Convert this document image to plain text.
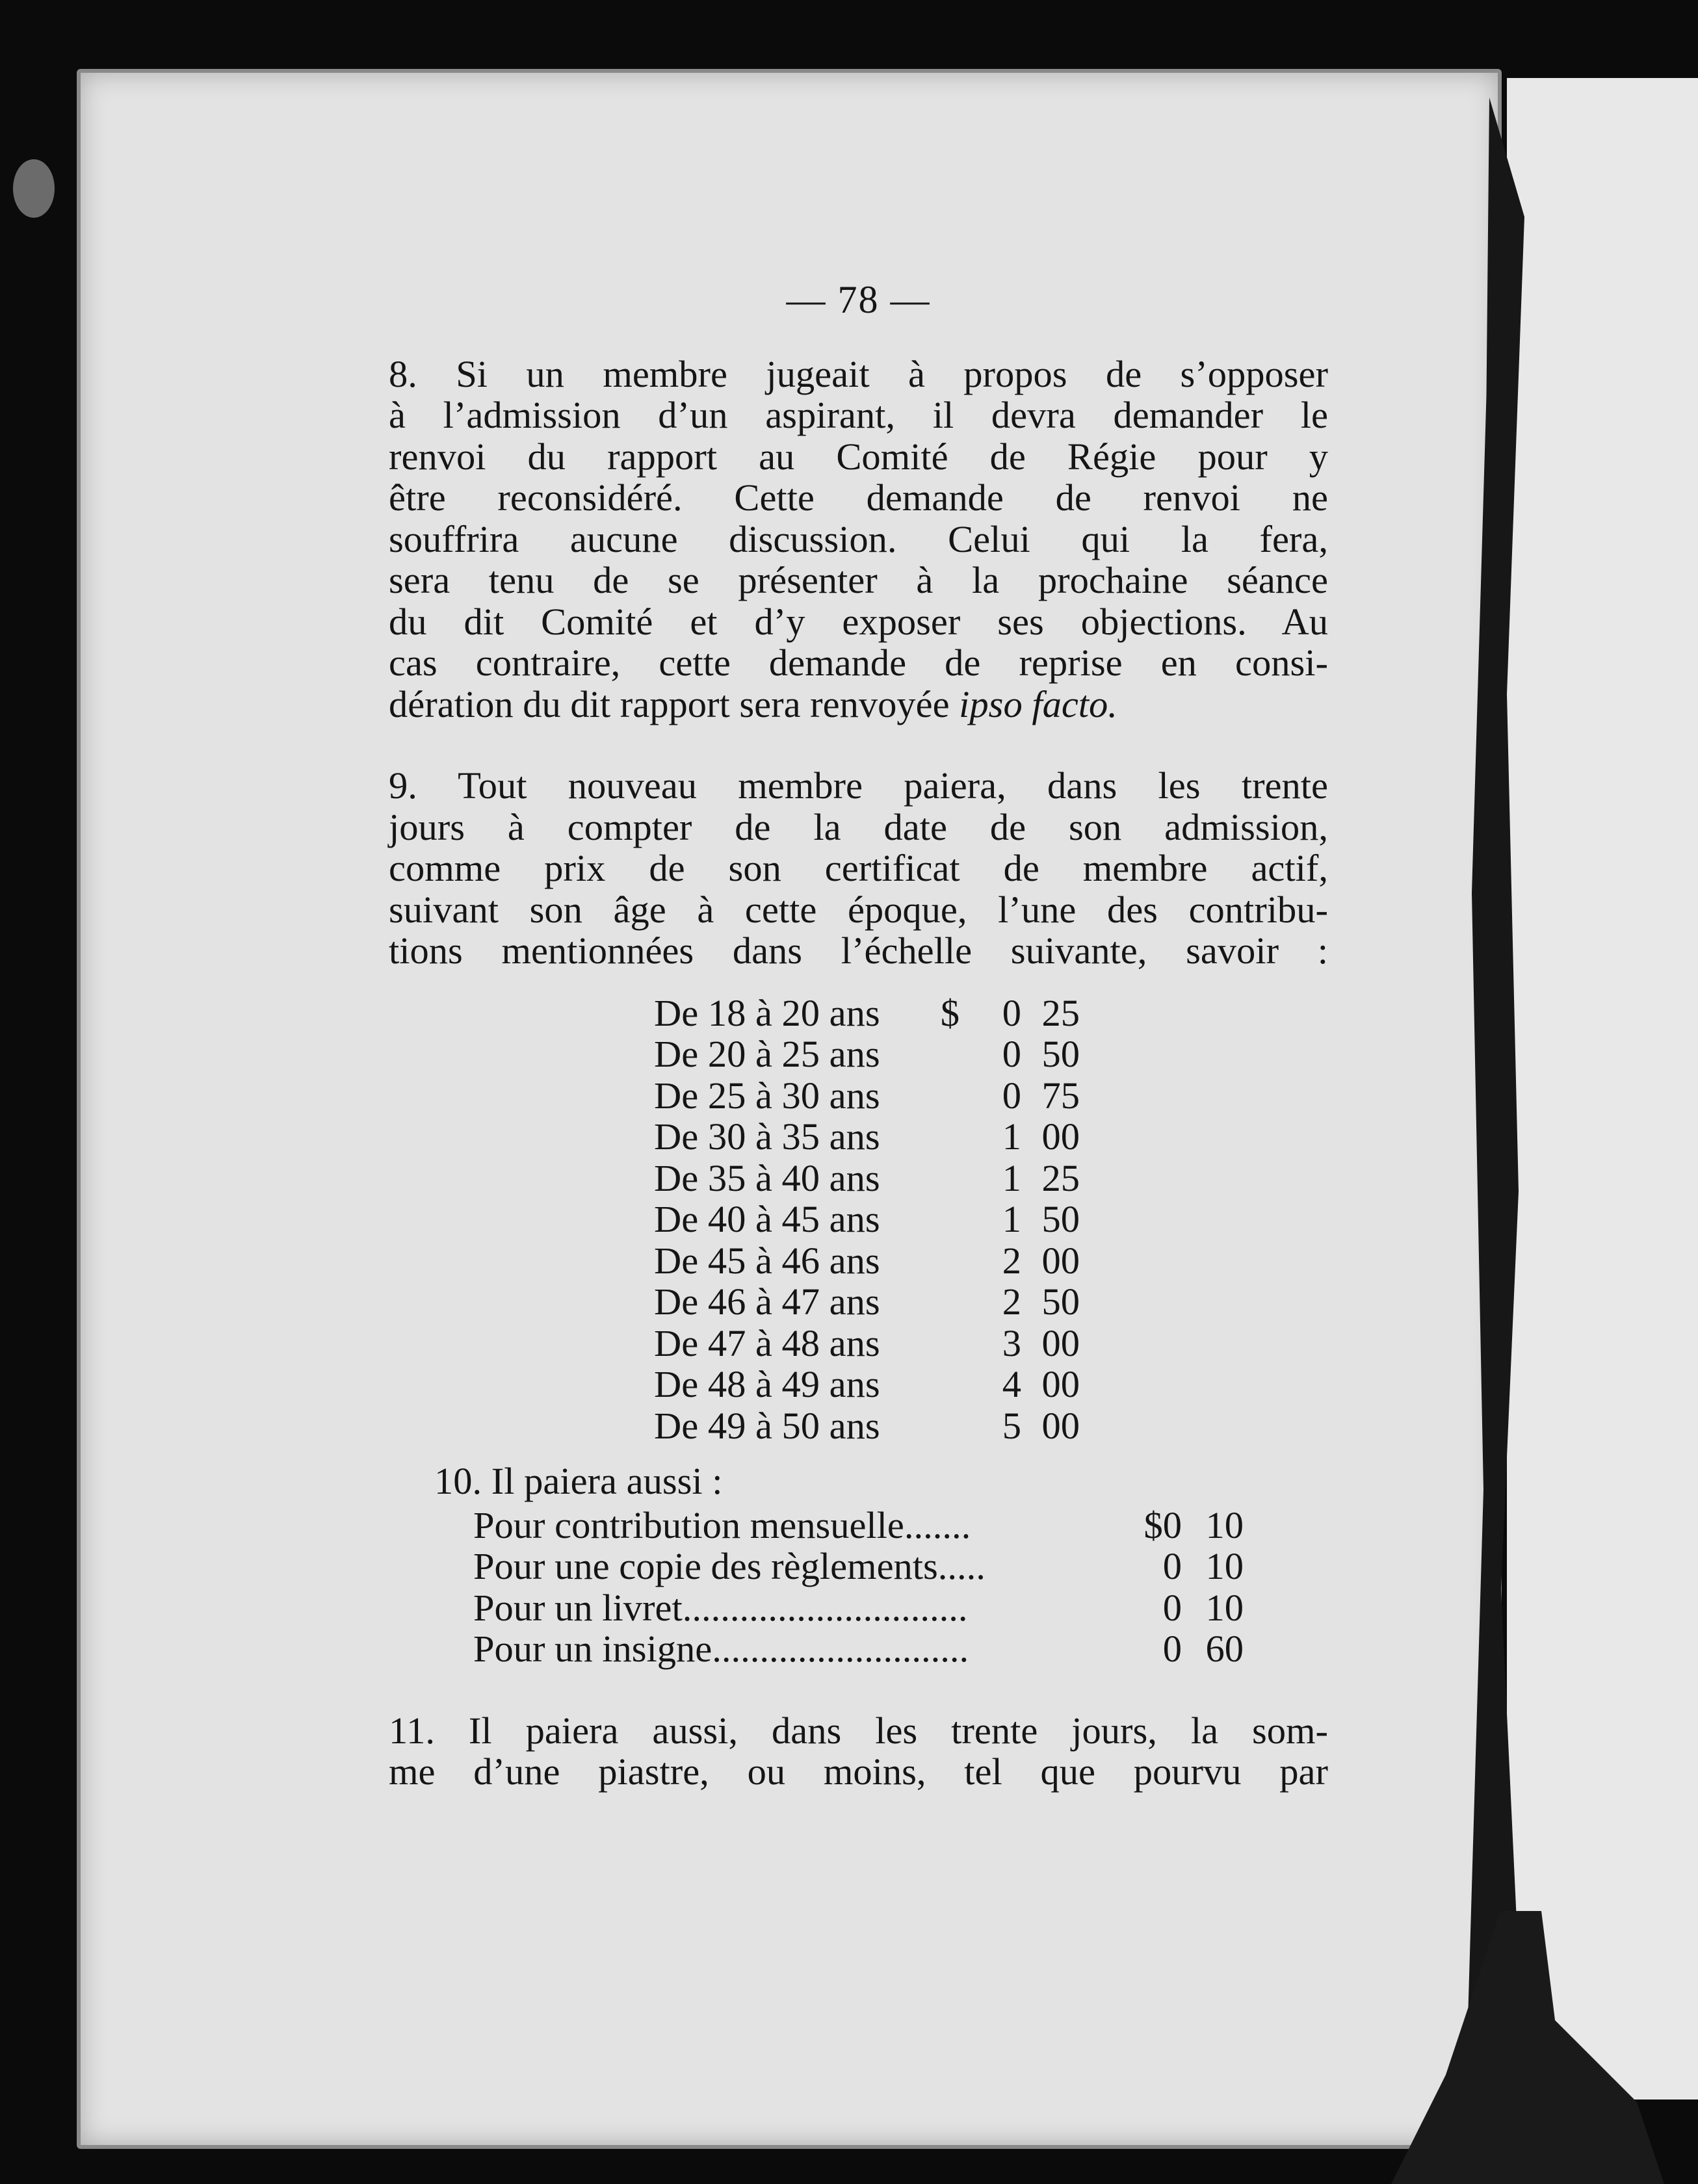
— 78 —

8. Si un membre jugeait à propos de s’opposer
à l’admission d’un aspirant, il devra demander le
renvoi du rapport au Comité de Régie pour y
être reconsidéré. Cette demande de renvoi ne
souffrira aucune discussion. Celui qui la fera,
sera tenu de se présenter à la prochaine séance
du dit Comité et d’y exposer ses objections. Au
cas contraire, cette demande de reprise en consi-
dération du dit rapport sera renvoyée ipso facto.

9. Tout nouveau membre paiera, dans les trente
jours à compter de la date de son admission,
comme prix de son certificat de membre actif,
suivant son âge à cette époque, l’une des contribu-
tions mentionnées dans l’échelle suivante, savoir :

De 18 à 20 ans	$	0	25
De 20 à 25 ans		0	50
De 25 à 30 ans		0	75
De 30 à 35 ans		1	00
De 35 à 40 ans		1	25
De 40 à 45 ans		1	50
De 45 à 46 ans		2	00
De 46 à 47 ans		2	50
De 47 à 48 ans		3	00
De 48 à 49 ans		4	00
De 49 à 50 ans		5	00
10. Il paiera aussi :
Pour contribution mensuelle.......	$0	10
Pour une copie des règlements.....	0	10
Pour un livret..............................	0	10
Pour un insigne...........................	0	60

11. Il paiera aussi, dans les trente jours, la som-
me d’une piastre, ou moins, tel que pourvu par
